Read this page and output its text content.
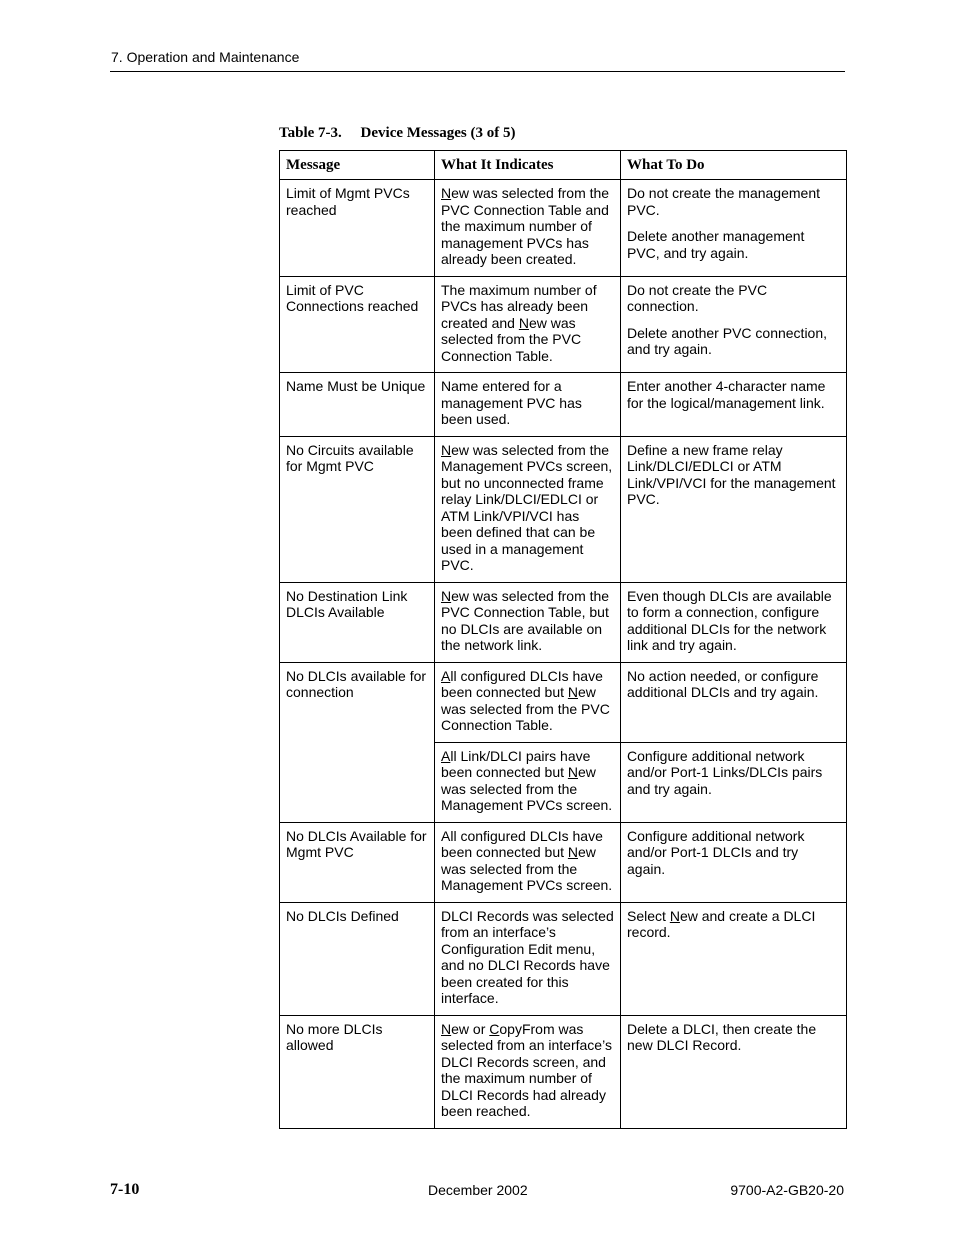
7. Operation and Maintenance
Table 7-3.     Device Messages (3 of 5)
Message	What It Indicates	What To Do
Limit of Mgmt PVCs reached	New was selected from the PVC Connection Table and the maximum number of management PVCs has already been created.	Do not create the management PVC.
Delete another management PVC, and try again.

Limit of PVC Connections reached	The maximum number of PVCs has already been created and New was selected from the PVC Connection Table.	Do not create the PVC connection.
Delete another PVC connection, and try again.

Name Must be Unique	Name entered for a management PVC has been used.	Enter another 4-character name for the logical/management link.

No Circuits available for Mgmt PVC	New was selected from the Management PVCs screen, but no unconnected frame relay Link/DLCI/EDLCI or ATM Link/VPI/VCI has been defined that can be used in a management PVC.	Define a new frame relay Link/DLCI/EDLCI or ATM Link/VPI/VCI for the management PVC.

No Destination Link DLCIs Available	New was selected from the PVC Connection Table, but no DLCIs are available on the network link.	Even though DLCIs are available to form a connection, configure additional DLCIs for the network link and try again.

No DLCIs available for connection	All configured DLCIs have been connected but New was selected from the PVC Connection Table.	No action needed, or configure additional DLCIs and try again.

	All Link/DLCI pairs have been connected but New was selected from the Management PVCs screen.	Configure additional network and/or Port-1 Links/DLCIs pairs and try again.

No DLCIs Available for Mgmt PVC	All configured DLCIs have been connected but New was selected from the Management PVCs screen.	Configure additional network and/or Port-1 DLCIs and try again.

No DLCIs Defined	DLCI Records was selected from an interface’s Configuration Edit menu, and no DLCI Records have been created for this interface.	Select New and create a DLCI record.

No more DLCIs allowed	New or CopyFrom was selected from an interface’s DLCI Records screen, and the maximum number of DLCI Records had already been reached.	Delete a DLCI, then create the new DLCI Record.
7-10	December 2002	9700-A2-GB20-20
